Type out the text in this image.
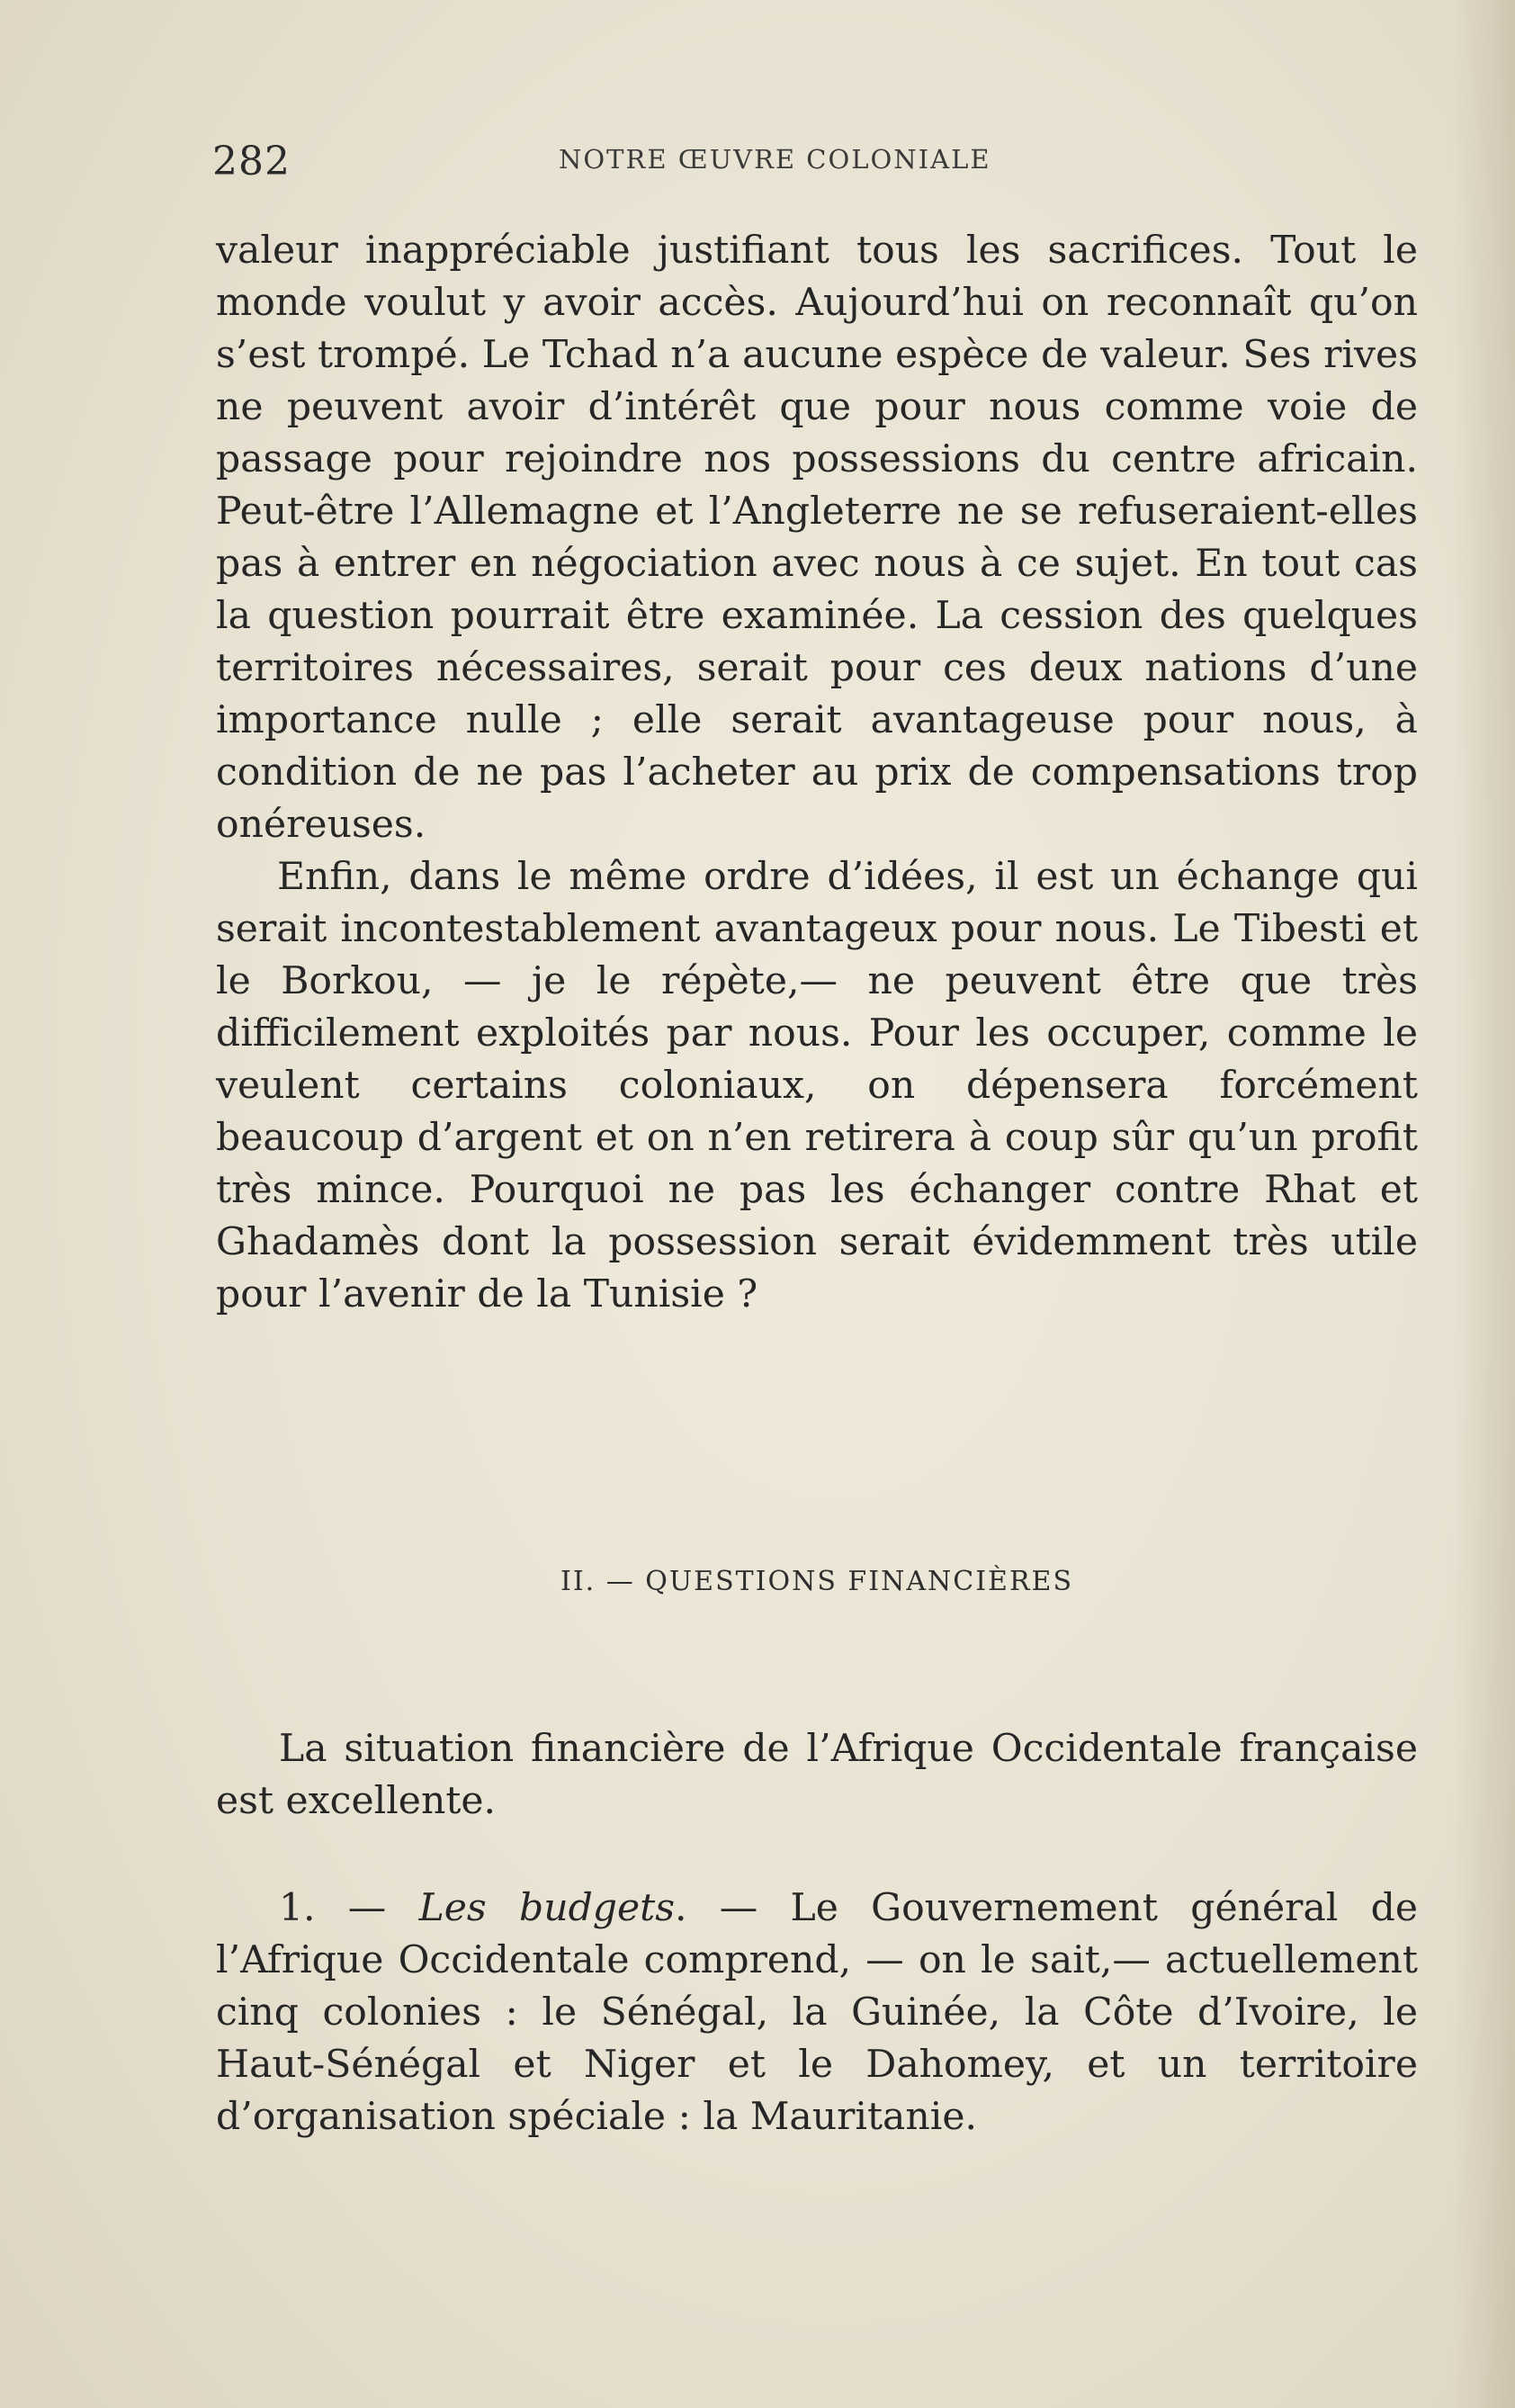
282	NOTRE ŒUVRE COLONIALE

valeur inappréciable justifiant tous les sacrifices. Tout le monde voulut y avoir accès. Aujourd’hui on reconnaît qu’on s’est trompé. Le Tchad n’a aucune espèce de valeur. Ses rives ne peuvent avoir d’intérêt que pour nous comme voie de passage pour rejoindre nos possessions du centre africain. Peut-être l’Allemagne et l’Angleterre ne se refuseraient-elles pas à entrer en négociation avec nous à ce sujet. En tout cas la question pourrait être examinée. La cession des quelques territoires nécessaires, serait pour ces deux nations d’une importance nulle ; elle serait avantageuse pour nous, à condition de ne pas l’acheter au prix de compensations trop onéreuses.

Enfin, dans le même ordre d’idées, il est un échange qui serait incontestablement avantageux pour nous. Le Tibesti et le Borkou, — je le répète,— ne peuvent être que très difficilement exploités par nous. Pour les occuper, comme le veulent certains coloniaux, on dépensera forcément beaucoup d’argent et on n’en retirera à coup sûr qu’un profit très mince. Pourquoi ne pas les échanger contre Rhat et Ghadamès dont la possession serait évidemment très utile pour l’avenir de la Tunisie ?

II. — QUESTIONS FINANCIÈRES

La situation financière de l’Afrique Occidentale française est excellente.

1. — Les budgets. — Le Gouvernement général de l’Afrique Occidentale comprend, — on le sait,— actuellement cinq colonies : le Sénégal, la Guinée, la Côte d’Ivoire, le Haut-Sénégal et Niger et le Dahomey, et un territoire d’organisation spéciale : la Mauritanie.
